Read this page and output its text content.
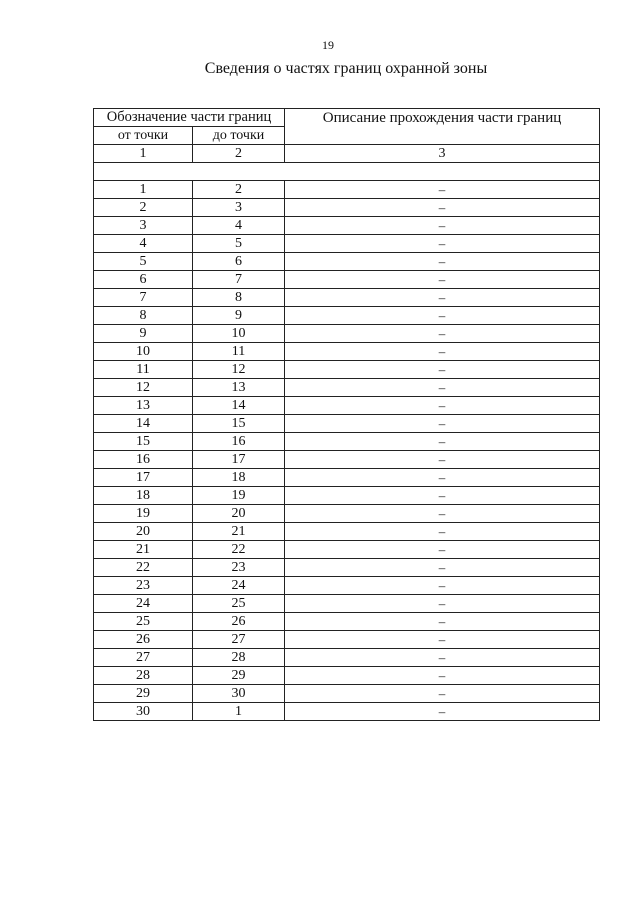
19
Сведения о частях границ охранной зоны
Обозначение части границ		Описание прохождения части границ
от точки	до точки	
1	2	3

1	2	–
2	3	–
3	4	–
4	5	–
5	6	–
6	7	–
7	8	–
8	9	–
9	10	–
10	11	–
11	12	–
12	13	–
13	14	–
14	15	–
15	16	–
16	17	–
17	18	–
18	19	–
19	20	–
20	21	–
21	22	–
22	23	–
23	24	–
24	25	–
25	26	–
26	27	–
27	28	–
28	29	–
29	30	–
30	1	–
